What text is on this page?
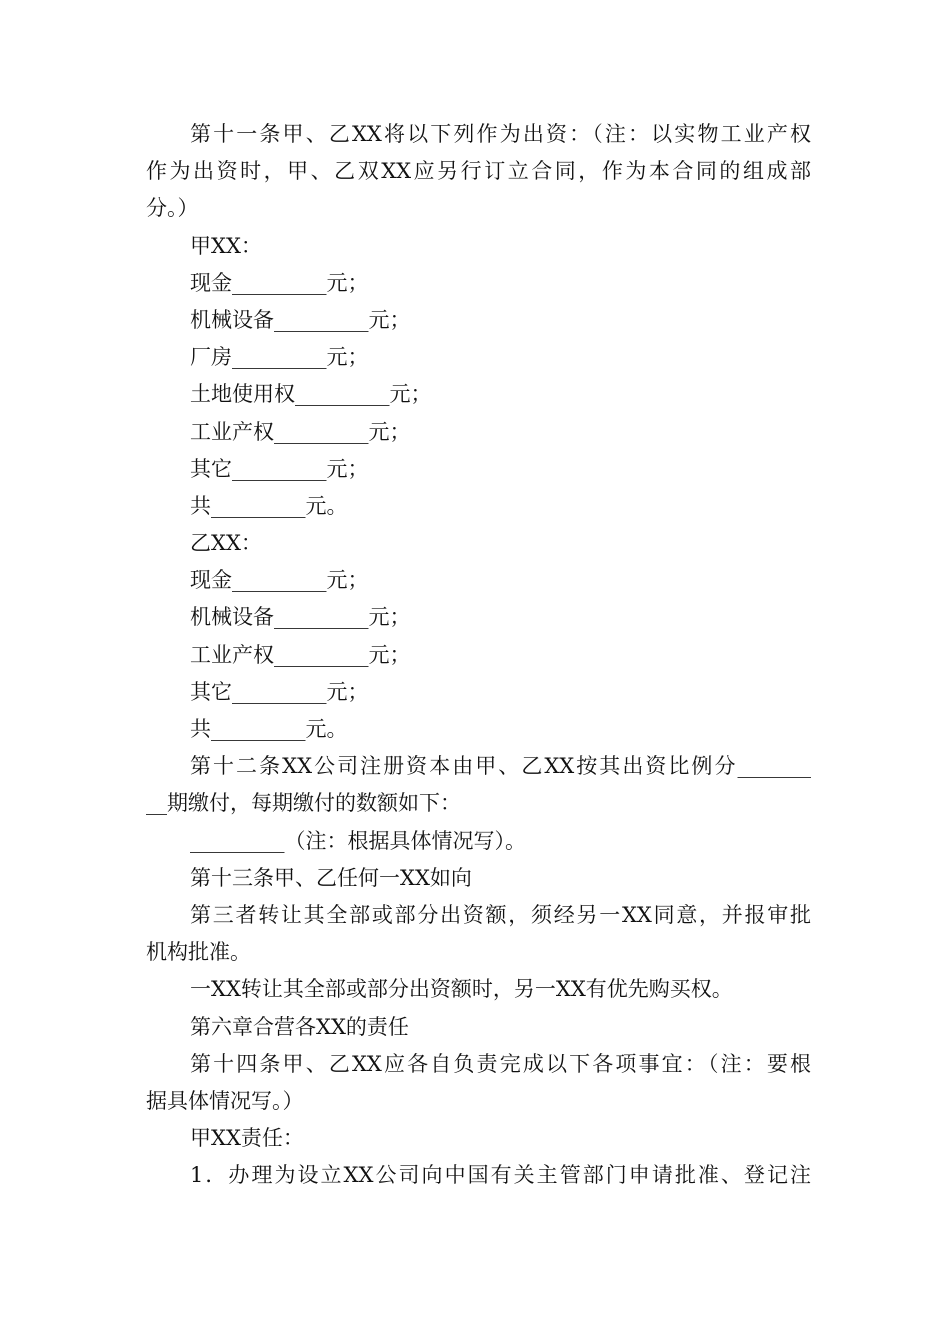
第十一条甲、乙XX将以下列作为出资：（注：以实物工业产权
作为出资时，甲、乙双XX应另行订立合同，作为本合同的组成部
分。）
甲XX：
现金_________元；
机械设备_________元；
厂房_________元；
土地使用权_________元；
工业产权_________元；
其它_________元；
共_________元。
乙XX：
现金_________元；
机械设备_________元；
工业产权_________元；
其它_________元；
共_________元。
第十二条XX公司注册资本由甲、乙XX按其出资比例分_______
__期缴付，每期缴付的数额如下：
_________（注：根据具体情况写）。
第十三条甲、乙任何一XX如向
第三者转让其全部或部分出资额，须经另一XX同意，并报审批
机构批准。
一XX转让其全部或部分出资额时，另一XX有优先购买权。
第六章合营各XX的责任
第十四条甲、乙XX应各自负责完成以下各项事宜：（注：要根
据具体情况写。）
甲XX责任：
1．办理为设立XX公司向中国有关主管部门申请批准、登记注
